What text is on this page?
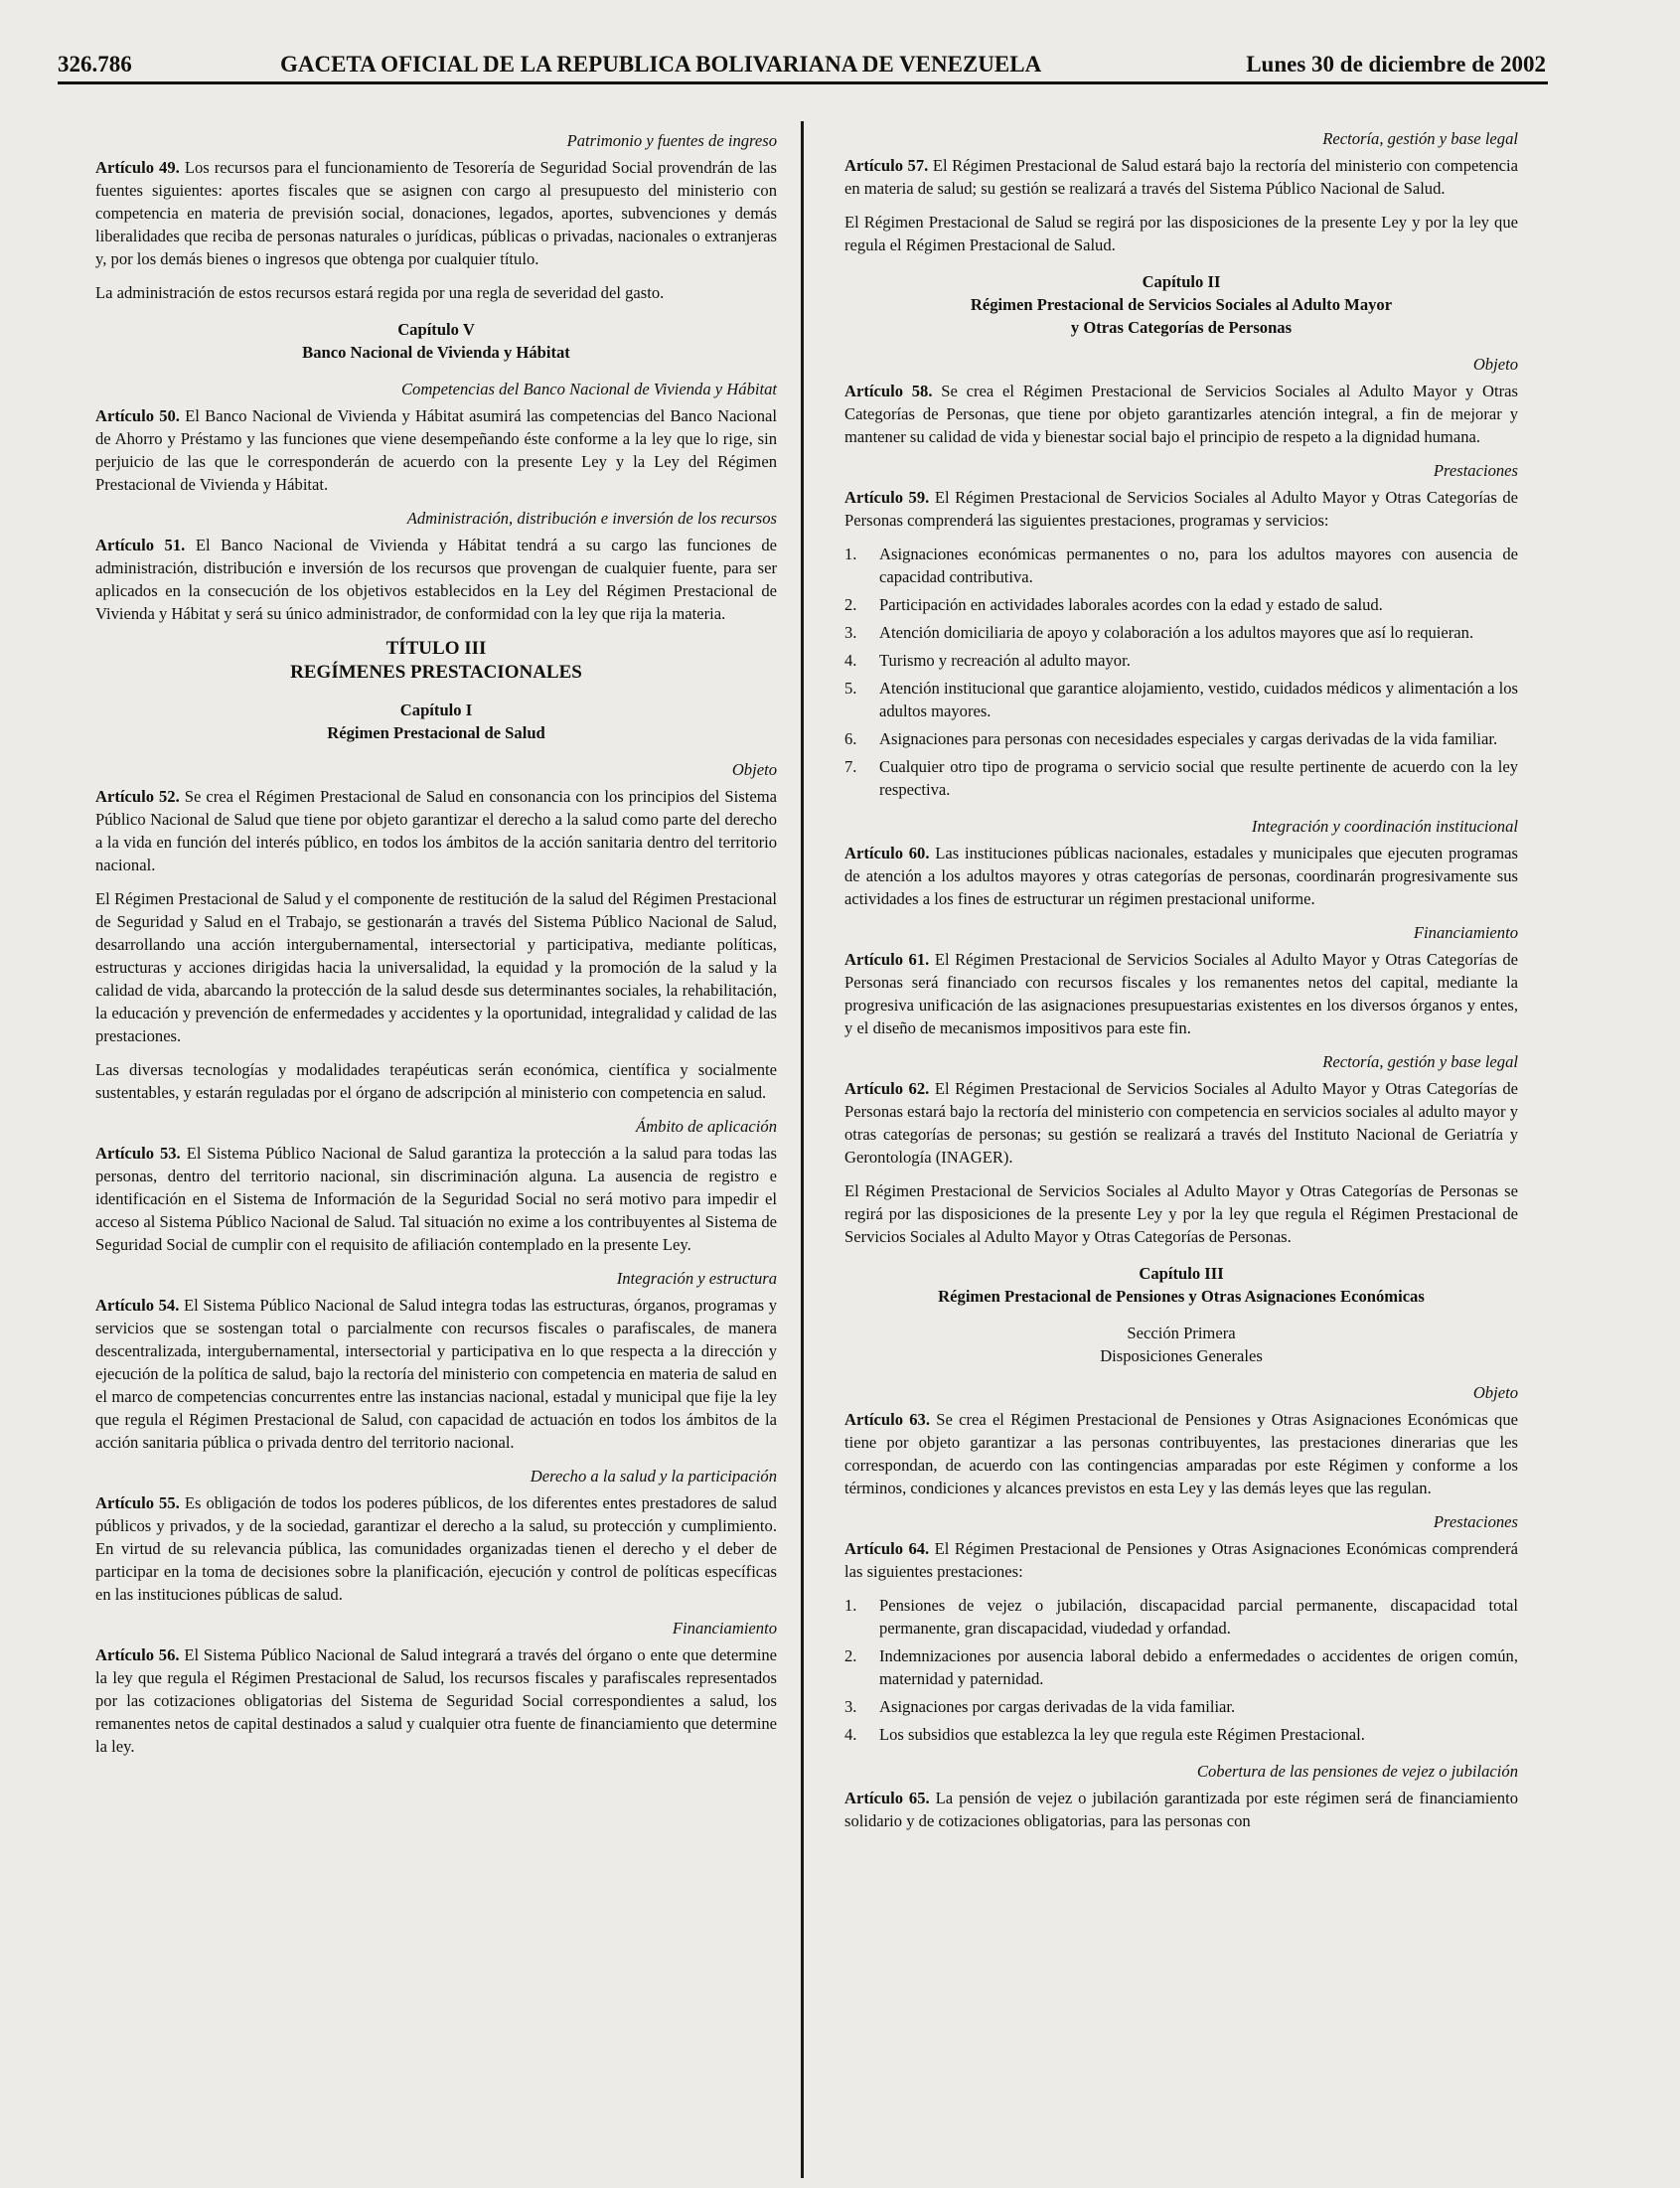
326.786	GACETA OFICIAL DE LA REPUBLICA BOLIVARIANA DE VENEZUELA	Lunes 30 de diciembre de 2002
Patrimonio y fuentes de ingreso

Artículo 49. Los recursos para el funcionamiento de Tesorería de Seguridad Social provendrán de las fuentes siguientes: aportes fiscales que se asignen con cargo al presupuesto del ministerio con competencia en materia de previsión social, donaciones, legados, aportes, subvenciones y demás liberalidades que reciba de personas naturales o jurídicas, públicas o privadas, nacionales o extranjeras y, por los demás bienes o ingresos que obtenga por cualquier título.

La administración de estos recursos estará regida por una regla de severidad del gasto.

Capítulo V
Banco Nacional de Vivienda y Hábitat
Competencias del Banco Nacional de Vivienda y Hábitat

Artículo 50. El Banco Nacional de Vivienda y Hábitat asumirá las competencias del Banco Nacional de Ahorro y Préstamo y las funciones que viene desempeñando éste conforme a la ley que lo rige, sin perjuicio de las que le corresponderán de acuerdo con la presente Ley y la Ley del Régimen Prestacional de Vivienda y Hábitat.

Administración, distribución e inversión de los recursos

Artículo 51. El Banco Nacional de Vivienda y Hábitat tendrá a su cargo las funciones de administración, distribución e inversión de los recursos que provengan de cualquier fuente, para ser aplicados en la consecución de los objetivos establecidos en la Ley del Régimen Prestacional de Vivienda y Hábitat y será su único administrador, de conformidad con la ley que rija la materia.

TÍTULO III
REGÍMENES PRESTACIONALES
Capítulo I
Régimen Prestacional de Salud
Objeto

Artículo 52. Se crea el Régimen Prestacional de Salud en consonancia con los principios del Sistema Público Nacional de Salud que tiene por objeto garantizar el derecho a la salud como parte del derecho a la vida en función del interés público, en todos los ámbitos de la acción sanitaria dentro del territorio nacional.

El Régimen Prestacional de Salud y el componente de restitución de la salud del Régimen Prestacional de Seguridad y Salud en el Trabajo, se gestionarán a través del Sistema Público Nacional de Salud, desarrollando una acción intergubernamental, intersectorial y participativa, mediante políticas, estructuras y acciones dirigidas hacia la universalidad, la equidad y la promoción de la salud y la calidad de vida, abarcando la protección de la salud desde sus determinantes sociales, la rehabilitación, la educación y prevención de enfermedades y accidentes y la oportunidad, integralidad y calidad de las prestaciones.

Las diversas tecnologías y modalidades terapéuticas serán económica, científica y socialmente sustentables, y estarán reguladas por el órgano de adscripción al ministerio con competencia en salud.

Ámbito de aplicación

Artículo 53. El Sistema Público Nacional de Salud garantiza la protección a la salud para todas las personas, dentro del territorio nacional, sin discriminación alguna. La ausencia de registro e identificación en el Sistema de Información de la Seguridad Social no será motivo para impedir el acceso al Sistema Público Nacional de Salud. Tal situación no exime a los contribuyentes al Sistema de Seguridad Social de cumplir con el requisito de afiliación contemplado en la presente Ley.

Integración y estructura

Artículo 54. El Sistema Público Nacional de Salud integra todas las estructuras, órganos, programas y servicios que se sostengan total o parcialmente con recursos fiscales o parafiscales, de manera descentralizada, intergubernamental, intersectorial y participativa en lo que respecta a la dirección y ejecución de la política de salud, bajo la rectoría del ministerio con competencia en materia de salud en el marco de competencias concurrentes entre las instancias nacional, estadal y municipal que fije la ley que regula el Régimen Prestacional de Salud, con capacidad de actuación en todos los ámbitos de la acción sanitaria pública o privada dentro del territorio nacional.

Derecho a la salud y la participación

Artículo 55. Es obligación de todos los poderes públicos, de los diferentes entes prestadores de salud públicos y privados, y de la sociedad, garantizar el derecho a la salud, su protección y cumplimiento. En virtud de su relevancia pública, las comunidades organizadas tienen el derecho y el deber de participar en la toma de decisiones sobre la planificación, ejecución y control de políticas específicas en las instituciones públicas de salud.

Financiamiento

Artículo 56. El Sistema Público Nacional de Salud integrará a través del órgano o ente que determine la ley que regula el Régimen Prestacional de Salud, los recursos fiscales y parafiscales representados por las cotizaciones obligatorias del Sistema de Seguridad Social correspondientes a salud, los remanentes netos de capital destinados a salud y cualquier otra fuente de financiamiento que determine la ley.

Rectoría, gestión y base legal

Artículo 57. El Régimen Prestacional de Salud estará bajo la rectoría del ministerio con competencia en materia de salud; su gestión se realizará a través del Sistema Público Nacional de Salud.

El Régimen Prestacional de Salud se regirá por las disposiciones de la presente Ley y por la ley que regula el Régimen Prestacional de Salud.

Capítulo II
Régimen Prestacional de Servicios Sociales al Adulto Mayor
y Otras Categorías de Personas
Objeto

Artículo 58. Se crea el Régimen Prestacional de Servicios Sociales al Adulto Mayor y Otras Categorías de Personas, que tiene por objeto garantizarles atención integral, a fin de mejorar y mantener su calidad de vida y bienestar social bajo el principio de respeto a la dignidad humana.

Prestaciones

Artículo 59. El Régimen Prestacional de Servicios Sociales al Adulto Mayor y Otras Categorías de Personas comprenderá las siguientes prestaciones, programas y servicios:

1. Asignaciones económicas permanentes o no, para los adultos mayores con ausencia de capacidad contributiva.
2. Participación en actividades laborales acordes con la edad y estado de salud.
3. Atención domiciliaria de apoyo y colaboración a los adultos mayores que así lo requieran.
4. Turismo y recreación al adulto mayor.
5. Atención institucional que garantice alojamiento, vestido, cuidados médicos y alimentación a los adultos mayores.
6. Asignaciones para personas con necesidades especiales y cargas derivadas de la vida familiar.
7. Cualquier otro tipo de programa o servicio social que resulte pertinente de acuerdo con la ley respectiva.
Integración y coordinación institucional

Artículo 60. Las instituciones públicas nacionales, estadales y municipales que ejecuten programas de atención a los adultos mayores y otras categorías de personas, coordinarán progresivamente sus actividades a los fines de estructurar un régimen prestacional uniforme.

Financiamiento

Artículo 61. El Régimen Prestacional de Servicios Sociales al Adulto Mayor y Otras Categorías de Personas será financiado con recursos fiscales y los remanentes netos del capital, mediante la progresiva unificación de las asignaciones presupuestarias existentes en los diversos órganos y entes, y el diseño de mecanismos impositivos para este fin.

Rectoría, gestión y base legal

Artículo 62. El Régimen Prestacional de Servicios Sociales al Adulto Mayor y Otras Categorías de Personas estará bajo la rectoría del ministerio con competencia en servicios sociales al adulto mayor y otras categorías de personas; su gestión se realizará a través del Instituto Nacional de Geriatría y Gerontología (INAGER).

El Régimen Prestacional de Servicios Sociales al Adulto Mayor y Otras Categorías de Personas se regirá por las disposiciones de la presente Ley y por la ley que regula el Régimen Prestacional de Servicios Sociales al Adulto Mayor y Otras Categorías de Personas.

Capítulo III
Régimen Prestacional de Pensiones y Otras Asignaciones Económicas
Sección Primera
Disposiciones Generales
Objeto

Artículo 63. Se crea el Régimen Prestacional de Pensiones y Otras Asignaciones Económicas que tiene por objeto garantizar a las personas contribuyentes, las prestaciones dinerarias que les correspondan, de acuerdo con las contingencias amparadas por este Régimen y conforme a los términos, condiciones y alcances previstos en esta Ley y las demás leyes que las regulan.

Prestaciones

Artículo 64. El Régimen Prestacional de Pensiones y Otras Asignaciones Económicas comprenderá las siguientes prestaciones:

1. Pensiones de vejez o jubilación, discapacidad parcial permanente, discapacidad total permanente, gran discapacidad, viudedad y orfandad.
2. Indemnizaciones por ausencia laboral debido a enfermedades o accidentes de origen común, maternidad y paternidad.
3. Asignaciones por cargas derivadas de la vida familiar.
4. Los subsidios que establezca la ley que regula este Régimen Prestacional.
Cobertura de las pensiones de vejez o jubilación

Artículo 65. La pensión de vejez o jubilación garantizada por este régimen será de financiamiento solidario y de cotizaciones obligatorias, para las personas con
